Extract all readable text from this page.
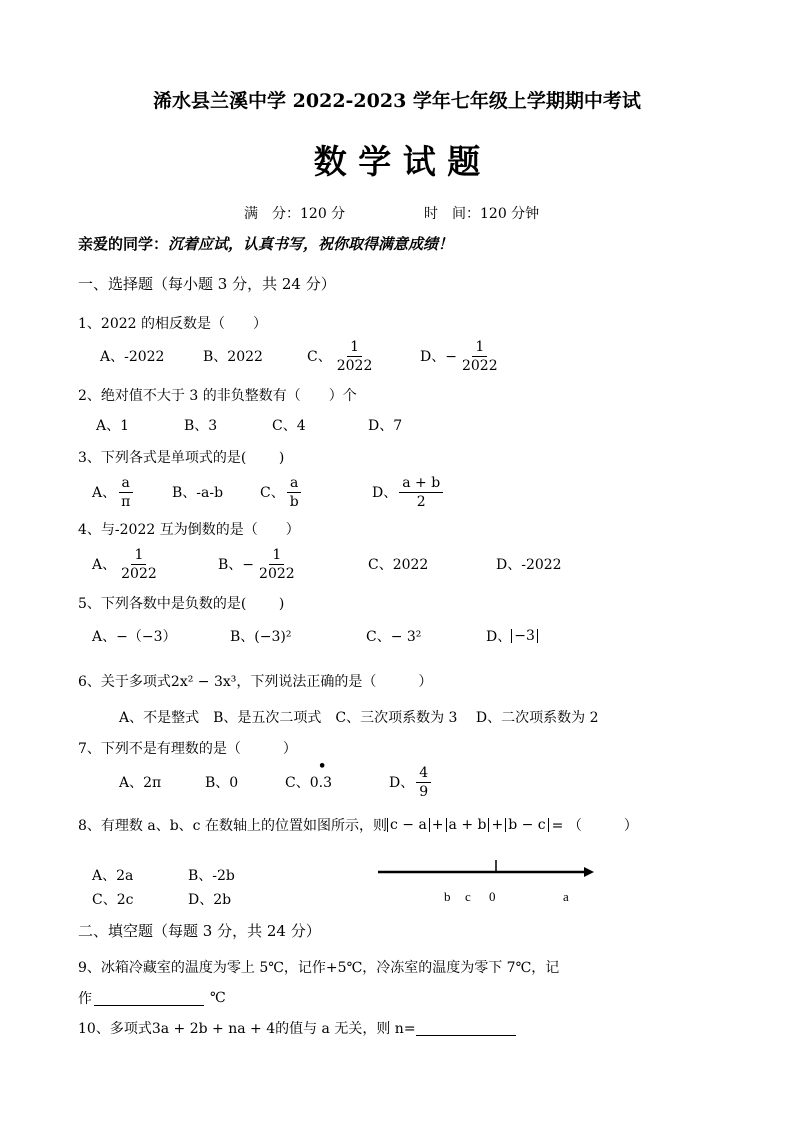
浠水县兰溪中学 2022-2023 学年七年级上学期期中考试
数 学 试 题
满　分：120 分	时　间：120 分钟
亲爱的同学：沉着应试，认真书写，祝你取得满意成绩！
一、选择题（每小题 3 分，共 24 分）
1、2022 的相反数是（　　）
A、-2022	B、2022	C、 $\frac{1}{2022}$	D、− $\frac{1}{2022}$
2、绝对值不大于 3 的非负整数有（　　）个
A、1	B、3	C、4	D、7
3、下列各式是单项式的是(　　 )
A、 $\frac{a}{\pi}$	B、-a-b	C、 $\frac{a}{b}$	D、 $\frac{a + b}{2}$
4、与-2022 互为倒数的是（　　）
A、 $\frac{1}{2022}$	B、− $\frac{1}{2022}$	C、2022	D、-2022
5、下列各数中是负数的是(　　 )
A、−（−3）	B、(−3)²	C、− 3²	D、 −3
6、关于多项式2x² − 3x³，下列说法正确的是（　　　）
A、不是整式　B、是五次二项式　C、三次项系数为 3　 D、二次项系数为 2
7、下列不是有理数的是（　　　）
A、2π	B、0	C、0.3
•
D、 $\frac{4}{9}$
8、有理数 a、b、c 在数轴上的位置如图所示，则 c − a + a + b + b − c = （　　　）
A、2a	B、-2b
C、2c	D、2b	b c 0	a
二、填空题（每题 3 分，共 24 分）
9、冰箱冷藏室的温度为零上 5℃，记作+5℃，冷冻室的温度为零下 7℃，记
作	℃
10、多项式3a + 2b + na + 4的值与 a 无关，则 n=
